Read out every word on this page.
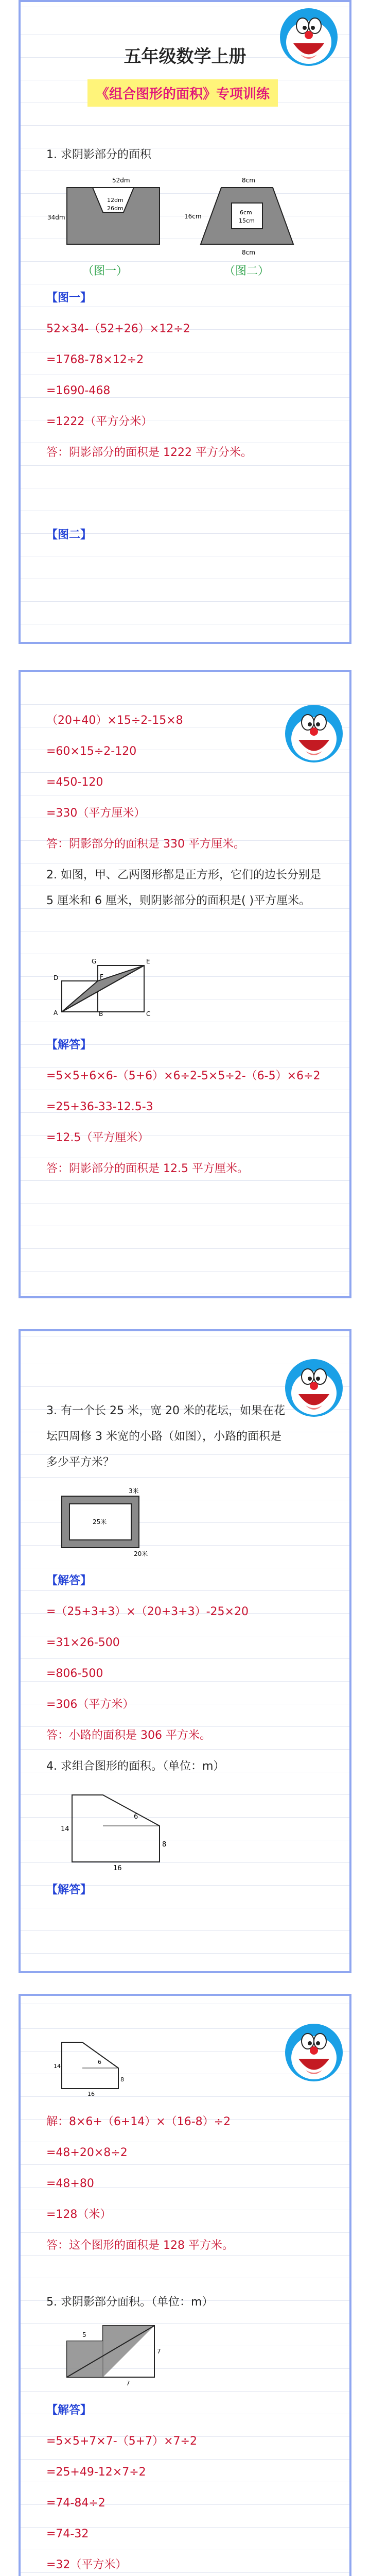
五年级数学上册
《组合图形的面积》专项训练
1. 求阴影部分的面积
52dm
12dm
26dm
34dm
（图一）
8cm
6cm
15cm
16cm
8cm
（图二）
【图一】
52×34-（52+26）×12÷2
=1768-78×12÷2
=1690-468
=1222（平方分米）
答：阴影部分的面积是 1222 平方分米。
【图二】
（20+40）×15÷2-15×8
=60×15÷2-120
=450-120
=330（平方厘米）
答：阴影部分的面积是 330 平方厘米。
2. 如图，甲、乙两图形都是正方形，它们的边长分别是 5 厘米和 6 厘米，则阴影部分的面积是( )平方厘米。
A	B	C
D
E
F
G
【解答】
=5×5+6×6-（5+6）×6÷2-5×5÷2-（6-5）×6÷2
=25+36-33-12.5-3
=12.5（平方厘米）
答：阴影部分的面积是 12.5 平方厘米。
3. 有一个长 25 米，宽 20 米的花坛，如果在花坛四周修 3 米宽的小路（如图），小路的面积是多少平方米？
25米
20米
3米
【解答】
=（25+3+3）×（20+3+3）-25×20
=31×26-500
=806-500
=306（平方米）
答：小路的面积是 306 平方米。
4. 求组合图形的面积。（单位：m）
6
8
16
14
【解答】
6
8
16
14
解：8×6+（6+14）×（16-8）÷2
=48+20×8÷2
=48+80
=128（米）
答：这个图形的面积是 128 平方米。
5. 求阴影部分面积。（单位：m）
5
7
7
【解答】
=5×5+7×7-（5+7）×7÷2
=25+49-12×7÷2
=74-84÷2
=74-32
=32（平方米）
